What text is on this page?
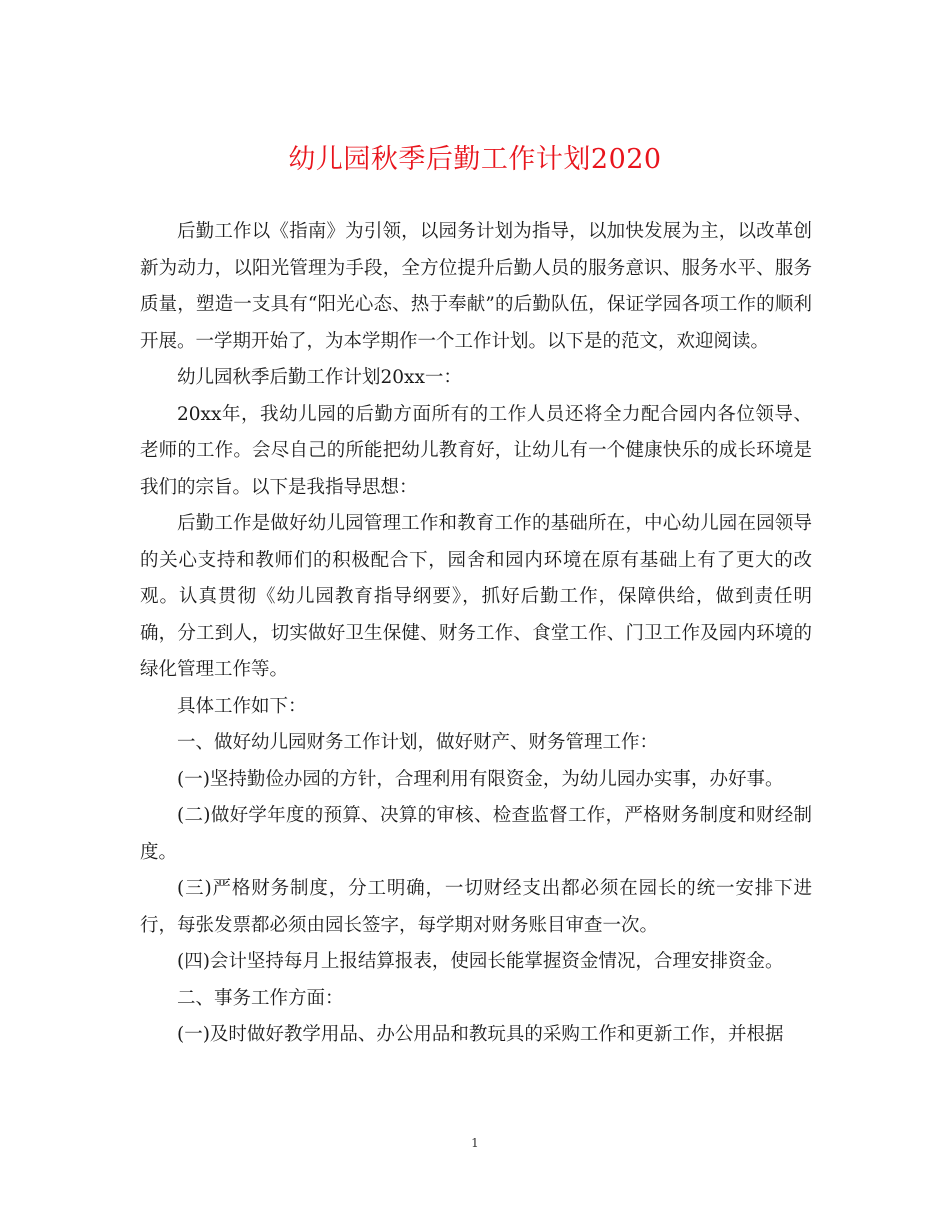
幼儿园秋季后勤工作计划2020

后勤工作以《指南》为引领，以园务计划为指导，以加快发展为主，以改革创新为动力，以阳光管理为手段，全方位提升后勤人员的服务意识、服务水平、服务质量，塑造一支具有“阳光心态、热于奉献”的后勤队伍，保证学园各项工作的顺利开展。一学期开始了，为本学期作一个工作计划。以下是的范文，欢迎阅读。

幼儿园秋季后勤工作计划20xx一：

20xx年，我幼儿园的后勤方面所有的工作人员还将全力配合园内各位领导、老师的工作。会尽自己的所能把幼儿教育好，让幼儿有一个健康快乐的成长环境是我们的宗旨。以下是我指导思想：

后勤工作是做好幼儿园管理工作和教育工作的基础所在，中心幼儿园在园领导的关心支持和教师们的积极配合下，园舍和园内环境在原有基础上有了更大的改观。认真贯彻《幼儿园教育指导纲要》，抓好后勤工作，保障供给，做到责任明确，分工到人，切实做好卫生保健、财务工作、食堂工作、门卫工作及园内环境的绿化管理工作等。

具体工作如下：

一、做好幼儿园财务工作计划，做好财产、财务管理工作：

(一)坚持勤俭办园的方针，合理利用有限资金，为幼儿园办实事，办好事。

(二)做好学年度的预算、决算的审核、检查监督工作，严格财务制度和财经制度。

(三)严格财务制度，分工明确，一切财经支出都必须在园长的统一安排下进行，每张发票都必须由园长签字，每学期对财务账目审查一次。

(四)会计坚持每月上报结算报表，使园长能掌握资金情况，合理安排资金。

二、事务工作方面：

(一)及时做好教学用品、办公用品和教玩具的采购工作和更新工作，并根据

1
